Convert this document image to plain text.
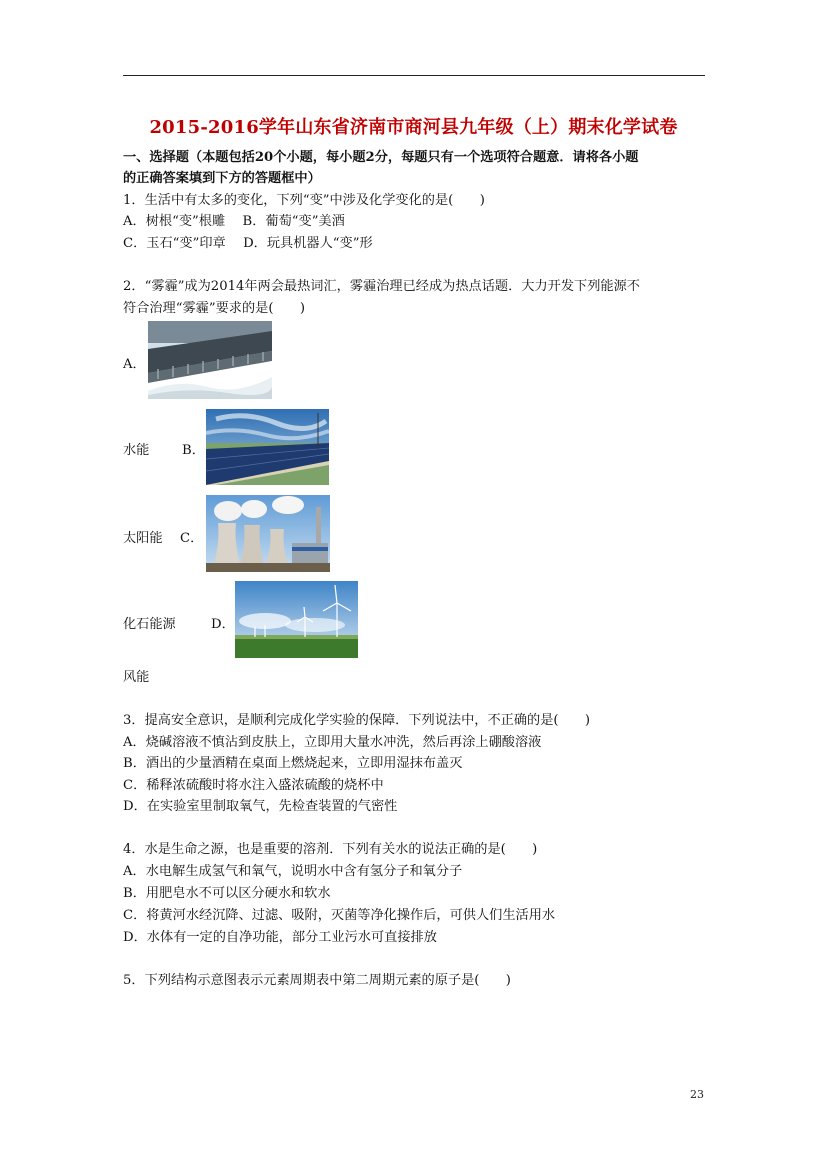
2015-2016学年山东省济南市商河县九年级（上）期末化学试卷
一、选择题（本题包括20个小题，每小题2分，每题只有一个选项符合题意．请将各小题
的正确答案填到下方的答题框中）
1．生活中有太多的变化，下列“变”中涉及化学变化的是(　　)
A．树根“变”根雕　 B．葡萄“变”美酒
C．玉石“变”印章　 D．玩具机器人“变”形
2．“雾霾”成为2014年两会最热词汇，雾霾治理已经成为热点话题．大力开发下列能源不
符合治理“雾霾”要求的是(　　)
A．
水能 B．
太阳能 C．
化石能源	D．
风能
3．提高安全意识，是顺利完成化学实验的保障．下列说法中，不正确的是(　　)
A．烧碱溶液不慎沾到皮肤上，立即用大量水冲洗，然后再涂上硼酸溶液
B．酒出的少量酒精在桌面上燃烧起来，立即用湿抹布盖灭
C．稀释浓硫酸时将水注入盛浓硫酸的烧杯中
D．在实验室里制取氧气，先检查装置的气密性
4．水是生命之源，也是重要的溶剂．下列有关水的说法正确的是(　　)
A．水电解生成氢气和氧气，说明水中含有氢分子和氧分子
B．用肥皂水不可以区分硬水和软水
C．将黄河水经沉降、过滤、吸附，灭菌等净化操作后，可供人们生活用水
D．水体有一定的自净功能，部分工业污水可直接排放
5．下列结构示意图表示元素周期表中第二周期元素的原子是(　　)
23
